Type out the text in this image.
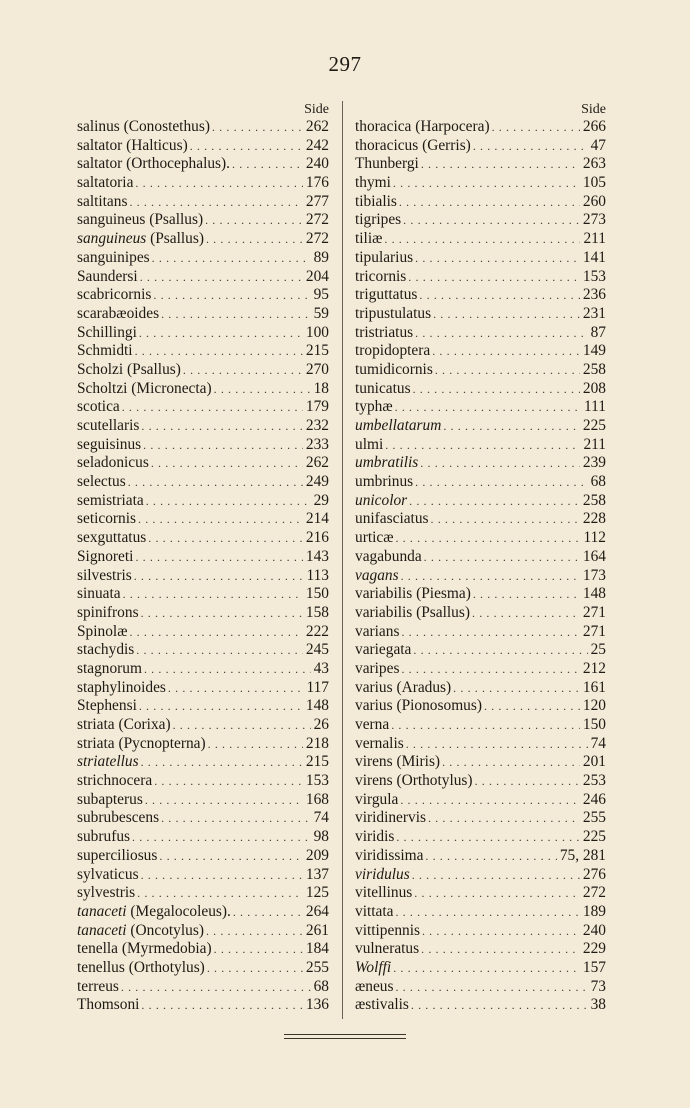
297
Side
salinus (Conostethus) . . .	262
saltator (Halticus) . . .	242
saltator (Orthocephalus). . . .	240
saltatoria . . .	176
saltitans . . .	277
sanguineus (Psallus) . . .	272
sanguineus (Psallus) . . .	272
sanguinipes . . .	89
Saundersi . . .	204
scabricornis . . .	95
scarabæoides . . .	59
Schillingi . . .	100
Schmidti . . .	215
Scholzi (Psallus) . . .	270
Scholtzi (Micronecta) . . .	18
scotica . . .	179
scutellaris . . .	232
seguisinus . . .	233
seladonicus . . .	262
selectus . . .	249
semistriata . . .	29
seticornis . . .	214
sexguttatus . . .	216
Signoreti . . .	143
silvestris . . .	113
sinuata . . .	150
spinifrons . . .	158
Spinolæ . . .	222
stachydis . . .	245
stagnorum . . .	43
staphylinoides . . .	117
Stephensi . . .	148
striata (Corixa) . . .	26
striata (Pycnopterna) . . .	218
striatellus . . .	215
strichnocera . . .	153
subapterus . . .	168
subrubescens . . .	74
subrufus . . .	98
superciliosus . . .	209
sylvaticus . . .	137
sylvestris . . .	125
tanaceti (Megalocoleus). . . .	264
tanaceti (Oncotylus) . . .	261
tenella (Myrmedobia) . . .	184
tenellus (Orthotylus) . . .	255
terreus . . .	68
Thomsoni . . .	136
Side
thoracica (Harpocera) . . .	266
thoracicus (Gerris) . . .	47
Thunbergi . . .	263
thymi . . .	105
tibialis . . .	260
tigripes . . .	273
tiliæ . . .	211
tipularius . . .	141
tricornis . . .	153
triguttatus . . .	236
tripustulatus . . .	231
tristriatus . . .	87
tropidoptera . . .	149
tumidicornis . . .	258
tunicatus . . .	208
typhæ . . .	111
umbellatarum . . .	225
ulmi . . .	211
umbratilis . . .	239
umbrinus . . .	68
unicolor . . .	258
unifasciatus . . .	228
urticæ . . .	112
vagabunda . . .	164
vagans . . .	173
variabilis (Piesma) . . .	148
variabilis (Psallus) . . .	271
varians . . .	271
variegata . . .	25
varipes . . .	212
varius (Aradus) . . .	161
varius (Pionosomus) . . .	120
verna . . .	150
vernalis . . .	74
virens (Miris) . . .	201
virens (Orthotylus) . . .	253
virgula . . .	246
viridinervis . . .	255
viridis . . .	225
viridissima . . .	75, 281
viridulus . . .	276
vitellinus . . .	272
vittata . . .	189
vittipennis . . .	240
vulneratus . . .	229
Wolffi . . .	157
æneus . . .	73
æstivalis . . .	38
